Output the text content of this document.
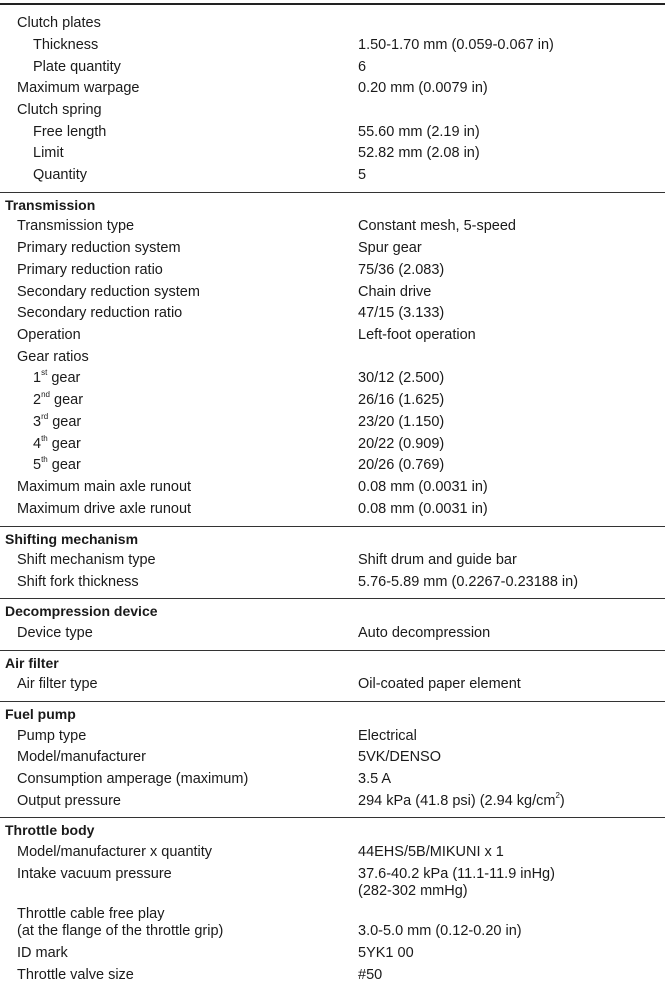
Clutch plates
Thickness	1.50-1.70 mm (0.059-0.067 in)
Plate quantity	6
Maximum warpage	0.20 mm (0.0079 in)
Clutch spring
Free length	55.60 mm (2.19 in)
Limit	52.82 mm (2.08 in)
Quantity	5
Transmission
Transmission type	Constant mesh, 5-speed
Primary reduction system	Spur gear
Primary reduction ratio	75/36 (2.083)
Secondary reduction system	Chain drive
Secondary reduction ratio	47/15 (3.133)
Operation	Left-foot operation
Gear ratios
1st gear	30/12 (2.500)
2nd gear	26/16 (1.625)
3rd gear	23/20 (1.150)
4th gear	20/22 (0.909)
5th gear	20/26 (0.769)
Maximum main axle runout	0.08 mm (0.0031 in)
Maximum drive axle runout	0.08 mm (0.0031 in)
Shifting mechanism
Shift mechanism type	Shift drum and guide bar
Shift fork thickness	5.76-5.89 mm (0.2267-0.23188 in)
Decompression device
Device type	Auto decompression
Air filter
Air filter type	Oil-coated paper element
Fuel pump
Pump type	Electrical
Model/manufacturer	5VK/DENSO
Consumption amperage (maximum)	3.5 A
Output pressure	294 kPa (41.8 psi) (2.94 $kg/cm^2$)
Throttle body
Model/manufacturer x quantity	44EHS/5B/MIKUNI x 1
Intake vacuum pressure	37.6-40.2 kPa (11.1-11.9 inHg)
(282-302 mmHg)
Throttle cable free play
(at the flange of the throttle grip)	3.0-5.0 mm (0.12-0.20 in)
ID mark	5YK1 00
Throttle valve size	#50
